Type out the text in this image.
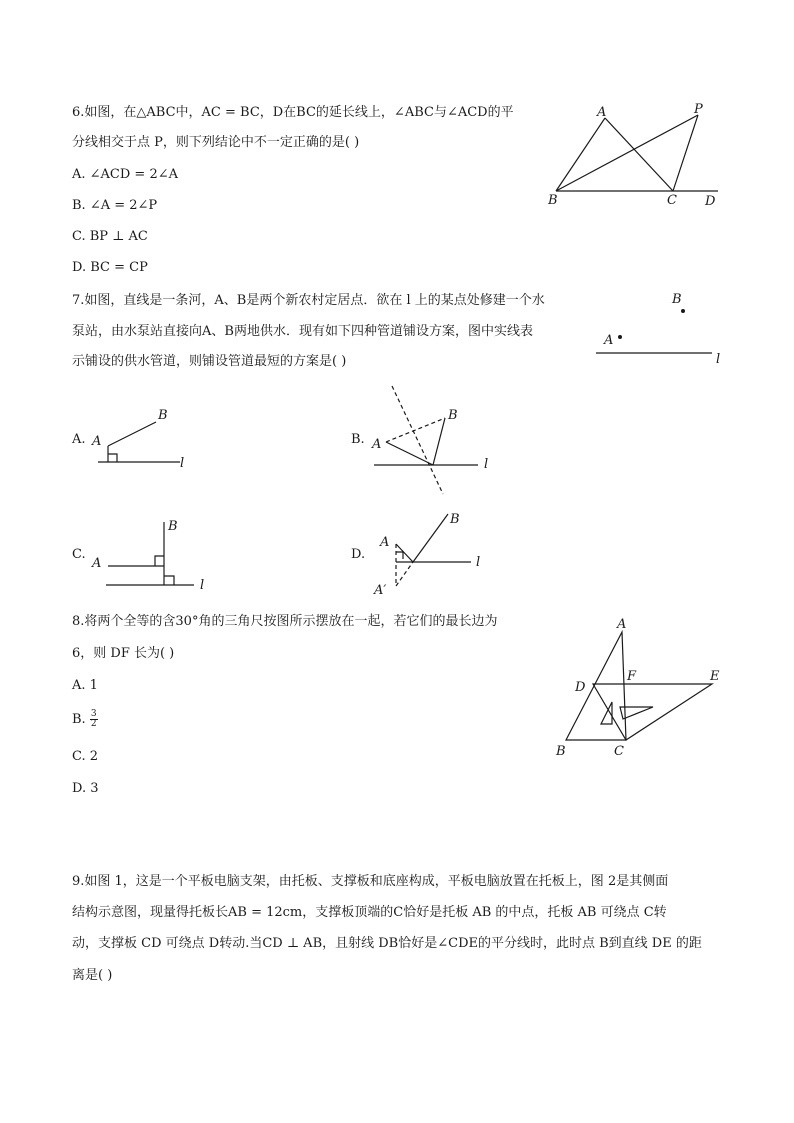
6.如图，在△ABC中，AC = BC，D在BC的延长线上，∠ABC与∠ACD的平
分线相交于点 P，则下列结论中不一定正确的是( )
A. ∠ACD = 2∠A
B. ∠A = 2∠P
C. BP ⊥ AC
D. BC = CP
A	P
B	C D
7.如图，直线是一条河，A、B是两个新农村定居点．欲在 l 上的某点处修建一个水
泵站，由水泵站直接向A、B两地供水．现有如下四种管道铺设方案，图中实线表
示铺设的供水管道，则铺设管道最短的方案是( )
B
A
l
A. A
B
l
B. A
B
l
C.
B
A
l
D.
A
A′
B
l
8.将两个全等的含30°角的三角尺按图所示摆放在一起，若它们的最长边为
6，则 DF 长为( )
A. 1
B. $\frac{3}{2}$
C. 2
D. 3
A
D
F	E
B	C
9.如图 1，这是一个平板电脑支架，由托板、支撑板和底座构成，平板电脑放置在托板上，图 2是其侧面
结构示意图，现量得托板长AB = 12cm，支撑板顶端的C恰好是托板 AB 的中点，托板 AB 可绕点 C转
动，支撑板 CD 可绕点 D转动.当CD ⊥ AB，且射线 DB恰好是∠CDE的平分线时，此时点 B到直线 DE 的距
离是( )
